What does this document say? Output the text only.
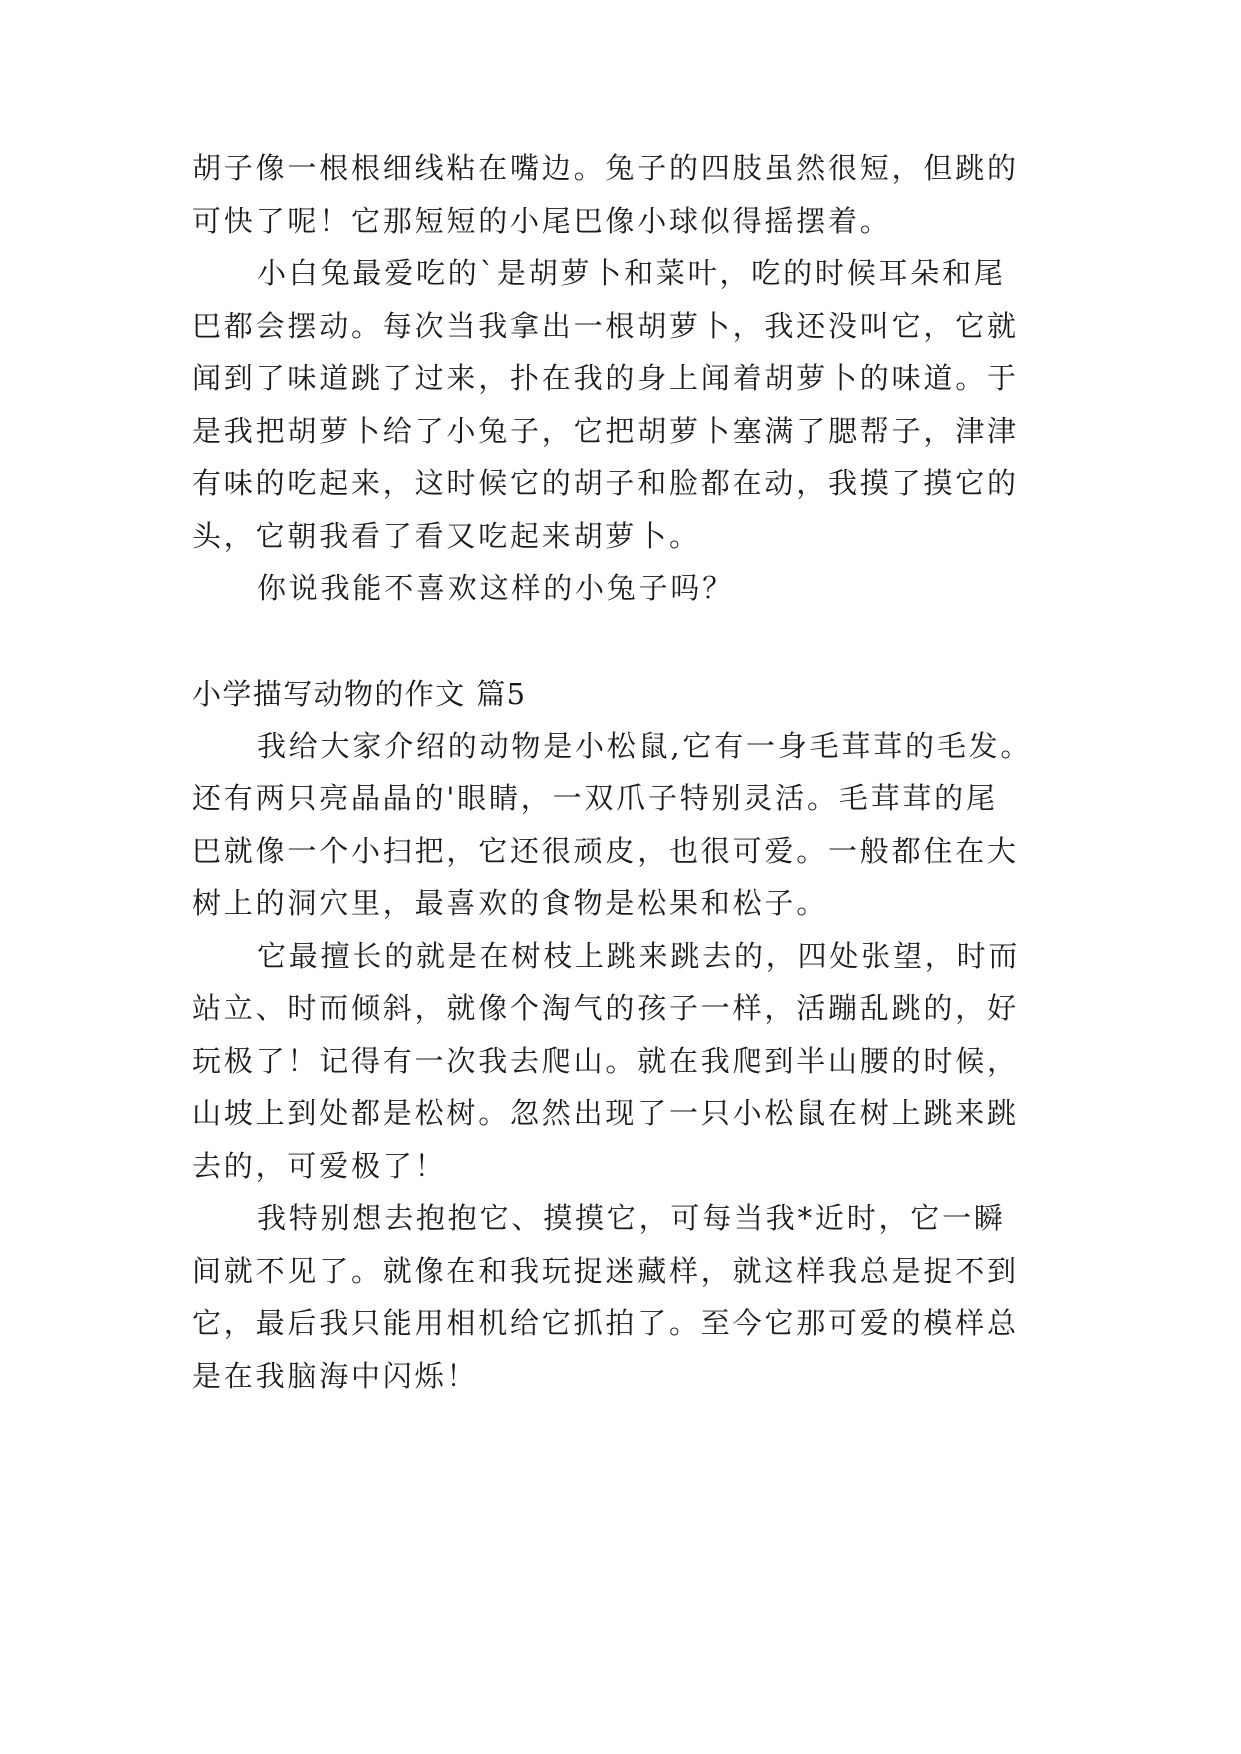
胡子像一根根细线粘在嘴边。兔子的四肢虽然很短，但跳的
可快了呢！它那短短的小尾巴像小球似得摇摆着。
小白兔最爱吃的`是胡萝卜和菜叶，吃的时候耳朵和尾
巴都会摆动。每次当我拿出一根胡萝卜，我还没叫它，它就
闻到了味道跳了过来，扑在我的身上闻着胡萝卜的味道。于
是我把胡萝卜给了小兔子，它把胡萝卜塞满了腮帮子，津津
有味的吃起来，这时候它的胡子和脸都在动，我摸了摸它的
头，它朝我看了看又吃起来胡萝卜。
你说我能不喜欢这样的小兔子吗？
小学描写动物的作文 篇5
我给大家介绍的动物是小松鼠,它有一身毛茸茸的毛发。
还有两只亮晶晶的'眼睛，一双爪子特别灵活。毛茸茸的尾
巴就像一个小扫把，它还很顽皮，也很可爱。一般都住在大
树上的洞穴里，最喜欢的食物是松果和松子。
它最擅长的就是在树枝上跳来跳去的，四处张望，时而
站立、时而倾斜，就像个淘气的孩子一样，活蹦乱跳的，好
玩极了！记得有一次我去爬山。就在我爬到半山腰的时候，
山坡上到处都是松树。忽然出现了一只小松鼠在树上跳来跳
去的，可爱极了！
我特别想去抱抱它、摸摸它，可每当我*近时，它一瞬
间就不见了。就像在和我玩捉迷藏样，就这样我总是捉不到
它，最后我只能用相机给它抓拍了。至今它那可爱的模样总
是在我脑海中闪烁！
